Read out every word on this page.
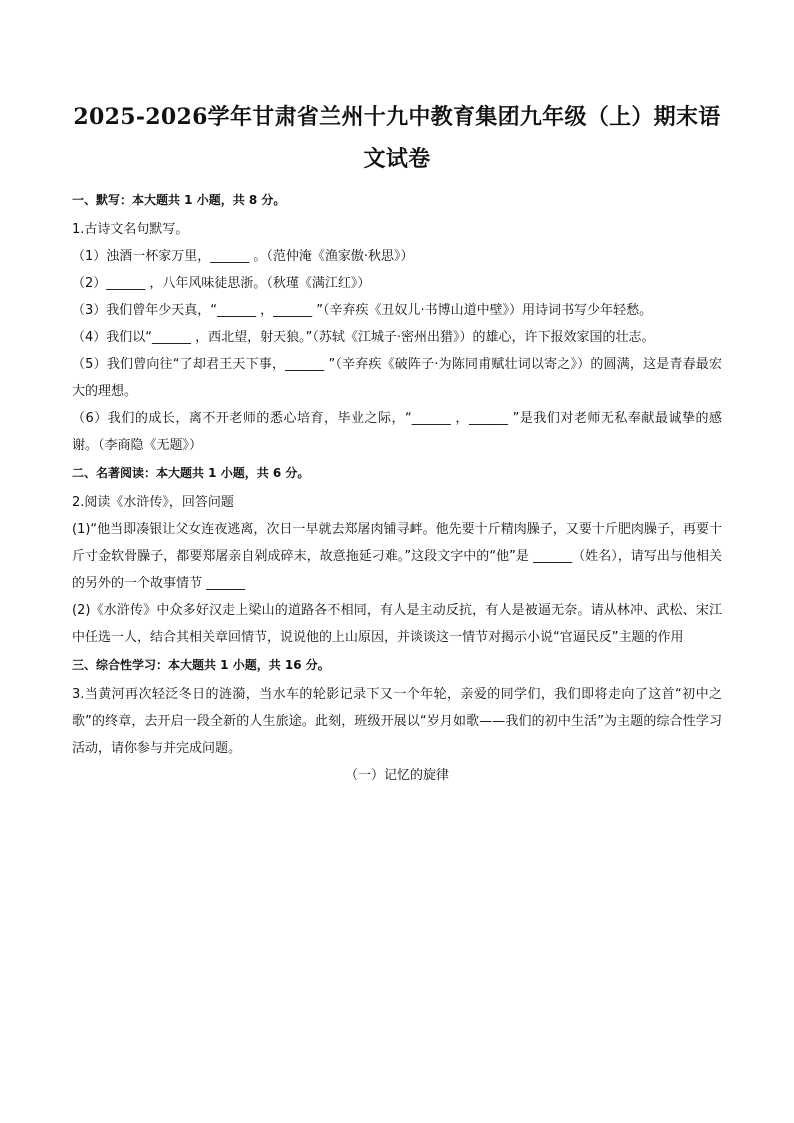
2025-2026学年甘肃省兰州十九中教育集团九年级（上）期末语文试卷
一、默写：本大题共 1 小题，共 8 分。

1.古诗文名句默写。

（1）浊酒一杯家万里，______ 。（范仲淹《渔家傲·秋思》）

（2）______ ，八年风味徒思浙。（秋瑾《满江红》）

（3）我们曾年少天真，“______ ，______ ”（辛弃疾《丑奴儿·书博山道中壁》）用诗词书写少年轻愁。

（4）我们以“______ ，西北望，射天狼。”（苏轼《江城子·密州出猎》）的雄心，许下报效家国的壮志。

（5）我们曾向往“了却君王天下事，______ ”（辛弃疾《破阵子·为陈同甫赋壮词以寄之》）的圆满，这是青春最宏大的理想。

（6）我们的成长，离不开老师的悉心培育，毕业之际，“______ ，______ ”是我们对老师无私奉献最诚挚的感谢。（李商隐《无题》）

二、名著阅读：本大题共 1 小题，共 6 分。

2.阅读《水浒传》，回答问题

(1)“他当即凑银让父女连夜逃离，次日一早就去郑屠肉铺寻衅。他先要十斤精肉臊子，又要十斤肥肉臊子，再要十斤寸金软骨臊子，都要郑屠亲自剁成碎末，故意拖延刁难。”这段文字中的“他”是 ______（姓名），请写出与他相关的另外的一个故事情节 ______

(2)《水浒传》中众多好汉走上梁山的道路各不相同，有人是主动反抗，有人是被逼无奈。请从林冲、武松、宋江中任选一人，结合其相关章回情节，说说他的上山原因，并谈谈这一情节对揭示小说“官逼民反”主题的作用

三、综合性学习：本大题共 1 小题，共 16 分。

3.当黄河再次轻泛冬日的涟漪，当水车的轮影记录下又一个年轮，亲爱的同学们，我们即将走向了这首“初中之歌”的终章，去开启一段全新的人生旅途。此刻，班级开展以“岁月如歌——我们的初中生活”为主题的综合性学习活动，请你参与并完成问题。

（一）记忆的旋律
